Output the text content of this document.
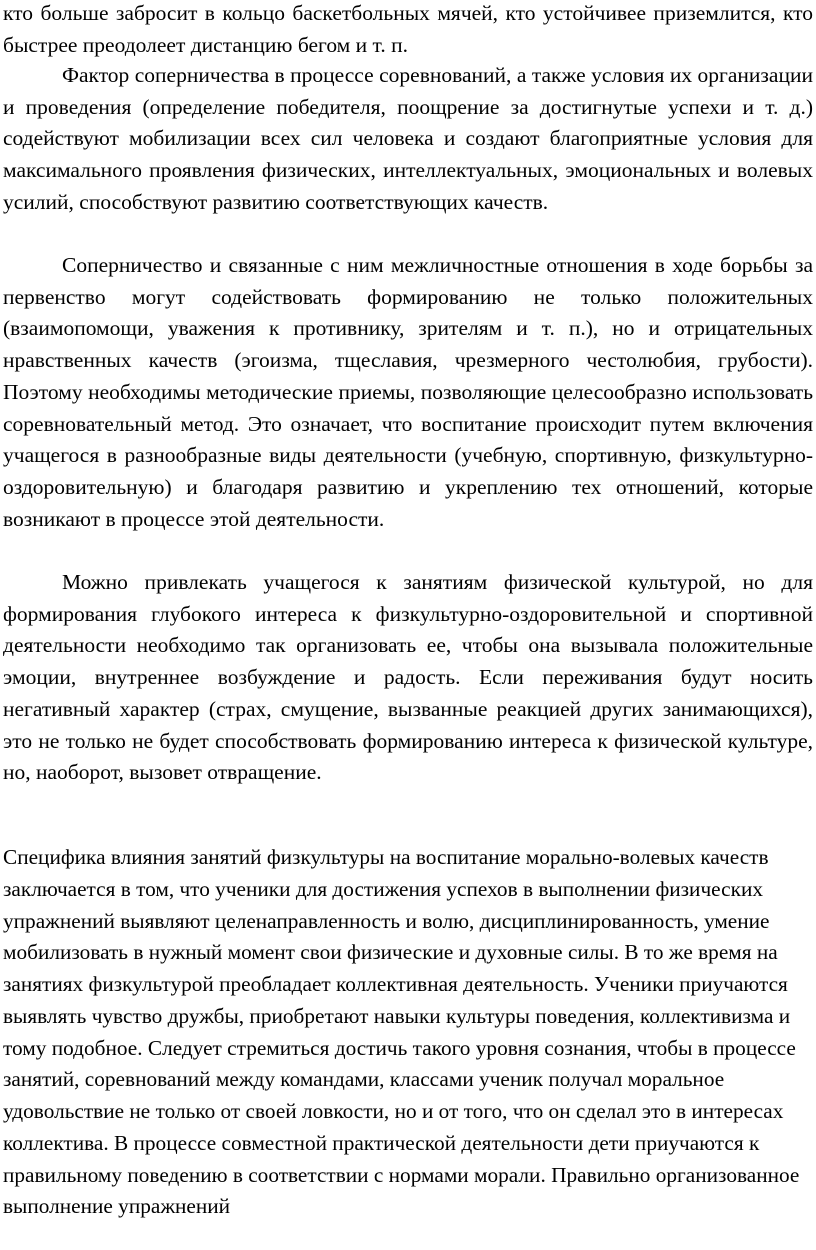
кто больше забросит в кольцо баскетбольных мячей, кто устойчивее приземлится, кто быстрее преодолеет дистанцию бегом и т. п.

Фактор соперничества в процессе соревнований, а также условия их организации и проведения (определение победителя, поощрение за достигнутые успехи и т. д.) содействуют мобилизации всех сил человека и создают благоприятные условия для максимального проявления физических, интеллектуальных, эмоциональных и волевых усилий, способствуют развитию соответствующих качеств.

Соперничество и связанные с ним межличностные отношения в ходе борьбы за первенство могут содействовать формированию не только положительных (взаимопомощи, уважения к противнику, зрителям и т. п.), но и отрицательных нравственных качеств (эгоизма, тщеславия, чрезмерного честолюбия, грубости). Поэтому необходимы методические приемы, позволяющие целесообразно использовать соревновательный метод. Это означает, что воспитание происходит путем включения учащегося в разнообразные виды деятельности (учебную, спортивную, физкультурно-оздоровительную) и благодаря развитию и укреплению тех отношений, которые возникают в процессе этой деятельности.

Можно привлекать учащегося к занятиям физической культурой, но для формирования глубокого интереса к физкультурно-оздоровительной и спортивной деятельности необходимо так организовать ее, чтобы она вызывала положительные эмоции, внутреннее возбуждение и радость. Если переживания будут носить негативный характер (страх, смущение, вызванные реакцией других занимающихся), это не только не будет способствовать формированию интереса к физической культуре, но, наоборот, вызовет отвращение.

Специфика влияния занятий физкультуры на воспитание морально-волевых качеств заключается в том, что ученики для достижения успехов в выполнении физических упражнений выявляют целенаправленность и волю, дисциплинированность, умение мобилизовать в нужный момент свои физические и духовные силы. В то же время на занятиях физкультурой преобладает коллективная деятельность. Ученики приучаются выявлять чувство дружбы, приобретают навыки культуры поведения, коллективизма и тому подобное. Следует стремиться достичь такого уровня сознания, чтобы в процессе занятий, соревнований между командами, классами ученик получал моральное удовольствие не только от своей ловкости, но и от того, что он сделал это в интересах коллектива. В процессе совместной практической деятельности дети приучаются к правильному поведению в соответствии с нормами морали. Правильно организованное выполнение упражнений
